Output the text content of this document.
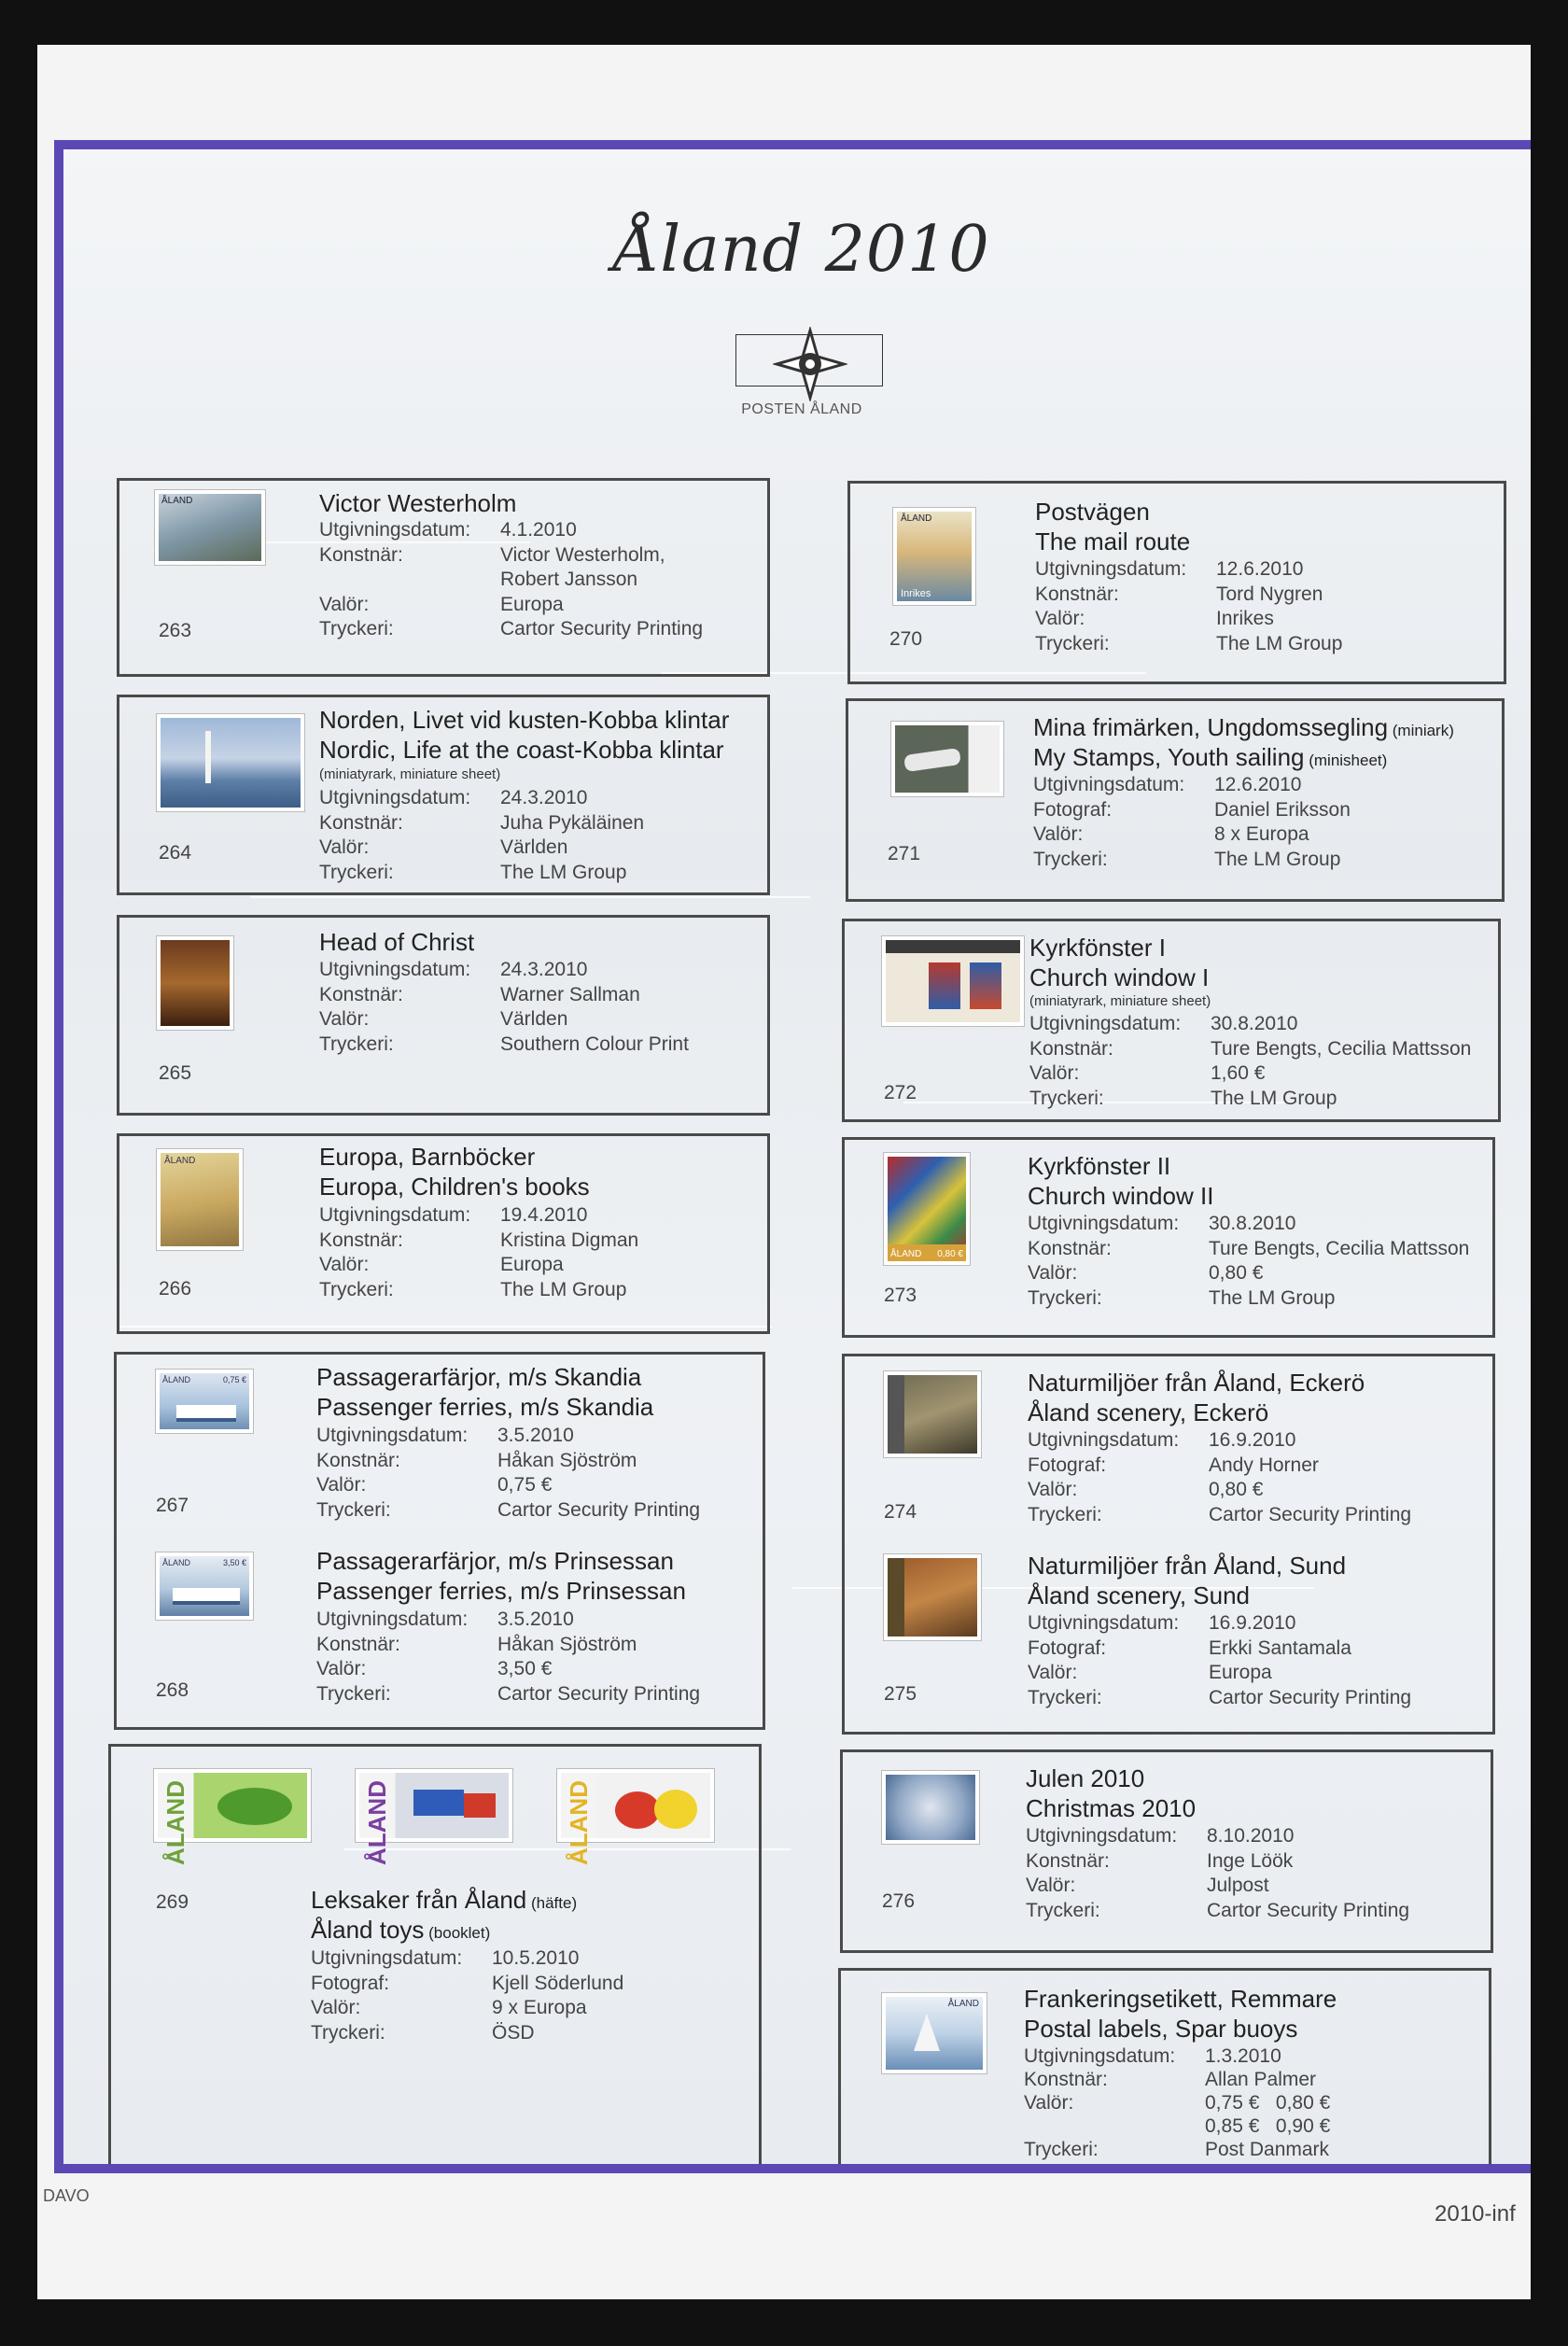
Åland 2010
POSTEN ÅLAND
ÅLAND
263
Victor Westerholm
Utgivningsdatum:	4.1.2010
Konstnär:	Victor Westerholm,
Robert Jansson
Valör:	Europa
Tryckeri:	Cartor Security Printing
264
Norden, Livet vid kusten-Kobba klintar
Nordic, Life at the coast-Kobba klintar
(miniatyrark, miniature sheet)
Utgivningsdatum:	24.3.2010
Konstnär:	Juha Pykäläinen
Valör:	Världen
Tryckeri:	The LM Group
265
Head of Christ
Utgivningsdatum:	24.3.2010
Konstnär:	Warner Sallman
Valör:	Världen
Tryckeri:	Southern Colour Print
ÅLAND
266
Europa, Barnböcker
Europa, Children's books
Utgivningsdatum:	19.4.2010
Konstnär:	Kristina Digman
Valör:	Europa
Tryckeri:	The LM Group
ÅLAND	0,75 €
267
Passagerarfärjor, m/s Skandia
Passenger ferries, m/s Skandia
Utgivningsdatum:	3.5.2010
Konstnär:	Håkan Sjöström
Valör:	0,75 €
Tryckeri:	Cartor Security Printing
ÅLAND	3,50 €
268
Passagerarfärjor, m/s Prinsessan
Passenger ferries, m/s Prinsessan
Utgivningsdatum:	3.5.2010
Konstnär:	Håkan Sjöström
Valör:	3,50 €
Tryckeri:	Cartor Security Printing
ÅLAND	ÅLAND	ÅLAND
269	Leksaker från Åland (häfte)
Åland toys (booklet)
Utgivningsdatum:	10.5.2010
Fotograf:	Kjell Söderlund
Valör:	9 x Europa
Tryckeri:	ÖSD
ÅLAND
Inrikes
270
Postvägen
The mail route
Utgivningsdatum:	12.6.2010
Konstnär:	Tord Nygren
Valör:	Inrikes
Tryckeri:	The LM Group
271
Mina frimärken, Ungdomssegling (miniark)
My Stamps, Youth sailing (minisheet)
Utgivningsdatum:	12.6.2010
Fotograf:	Daniel Eriksson
Valör:	8 x Europa
Tryckeri:	The LM Group
272
Kyrkfönster I
Church window I
(miniatyrark, miniature sheet)
Utgivningsdatum:	30.8.2010
Konstnär:	Ture Bengts, Cecilia Mattsson
Valör:	1,60 €
Tryckeri:	The LM Group
ÅLAND 0,80 €
273
Kyrkfönster II
Church window II
Utgivningsdatum:	30.8.2010
Konstnär:	Ture Bengts, Cecilia Mattsson
Valör:	0,80 €
Tryckeri:	The LM Group
274
Naturmiljöer från Åland, Eckerö
Åland scenery, Eckerö
Utgivningsdatum:	16.9.2010
Fotograf:	Andy Horner
Valör:	0,80 €
Tryckeri:	Cartor Security Printing
275
Naturmiljöer från Åland, Sund
Åland scenery, Sund
Utgivningsdatum:	16.9.2010
Fotograf:	Erkki Santamala
Valör:	Europa
Tryckeri:	Cartor Security Printing
276
Julen 2010
Christmas 2010
Utgivningsdatum:	8.10.2010
Konstnär:	Inge Löök
Valör:	Julpost
Tryckeri:	Cartor Security Printing
ÅLAND Frankeringsetikett, Remmare
Postal labels, Spar buoys
Utgivningsdatum:	1.3.2010
Konstnär:	Allan Palmer
Valör:	0,75 €   0,80 €
0,85 €   0,90 €
Tryckeri:	Post Danmark
DAVO
2010-inf
